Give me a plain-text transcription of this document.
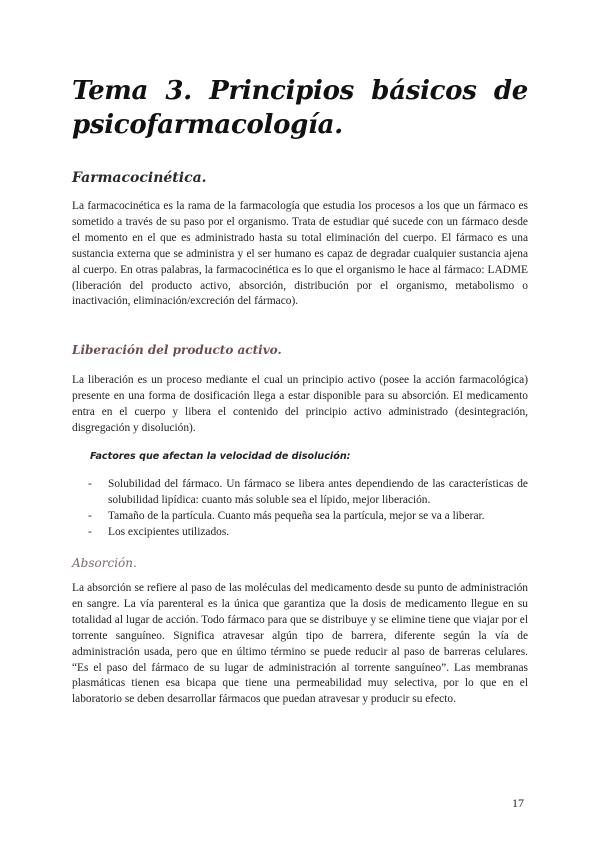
Tema 3. Principios básicos de
psicofarmacología.
Farmacocinética.

La farmacocinética es la rama de la farmacología que estudia los procesos a los que un fármaco es sometido a través de su paso por el organismo. Trata de estudiar qué sucede con un fármaco desde el momento en el que es administrado hasta su total eliminación del cuerpo. El fármaco es una sustancia externa que se administra y el ser humano es capaz de degradar cualquier sustancia ajena al cuerpo. En otras palabras, la farmacocinética es lo que el organismo le hace al fármaco: LADME (liberación del producto activo, absorción, distribución por el organismo, metabolismo o inactivación, eliminación/excreción del fármaco).

Liberación del producto activo.

La liberación es un proceso mediante el cual un principio activo (posee la acción farmacológica) presente en una forma de dosificación llega a estar disponible para su absorción. El medicamento entra en el cuerpo y libera el contenido del principio activo administrado (desintegración, disgregación y disolución).

Factores que afectan la velocidad de disolución:
- Solubilidad del fármaco. Un fármaco se libera antes dependiendo de las características de solubilidad lipídica: cuanto más soluble sea el lípido, mejor liberación.
- Tamaño de la partícula. Cuanto más pequeña sea la partícula, mejor se va a liberar.
- Los excipientes utilizados.
Absorción.

La absorción se refiere al paso de las moléculas del medicamento desde su punto de administración en sangre. La vía parenteral es la única que garantiza que la dosis de medicamento llegue en su totalidad al lugar de acción. Todo fármaco para que se distribuye y se elimine tiene que viajar por el torrente sanguíneo. Significa atravesar algún tipo de barrera, diferente según la vía de administración usada, pero que en último término se puede reducir al paso de barreras celulares. “Es el paso del fármaco de su lugar de administración al torrente sanguíneo”. Las membranas plasmáticas tienen esa bicapa que tiene una permeabilidad muy selectiva, por lo que en el laboratorio se deben desarrollar fármacos que puedan atravesar y producir su efecto.

17
